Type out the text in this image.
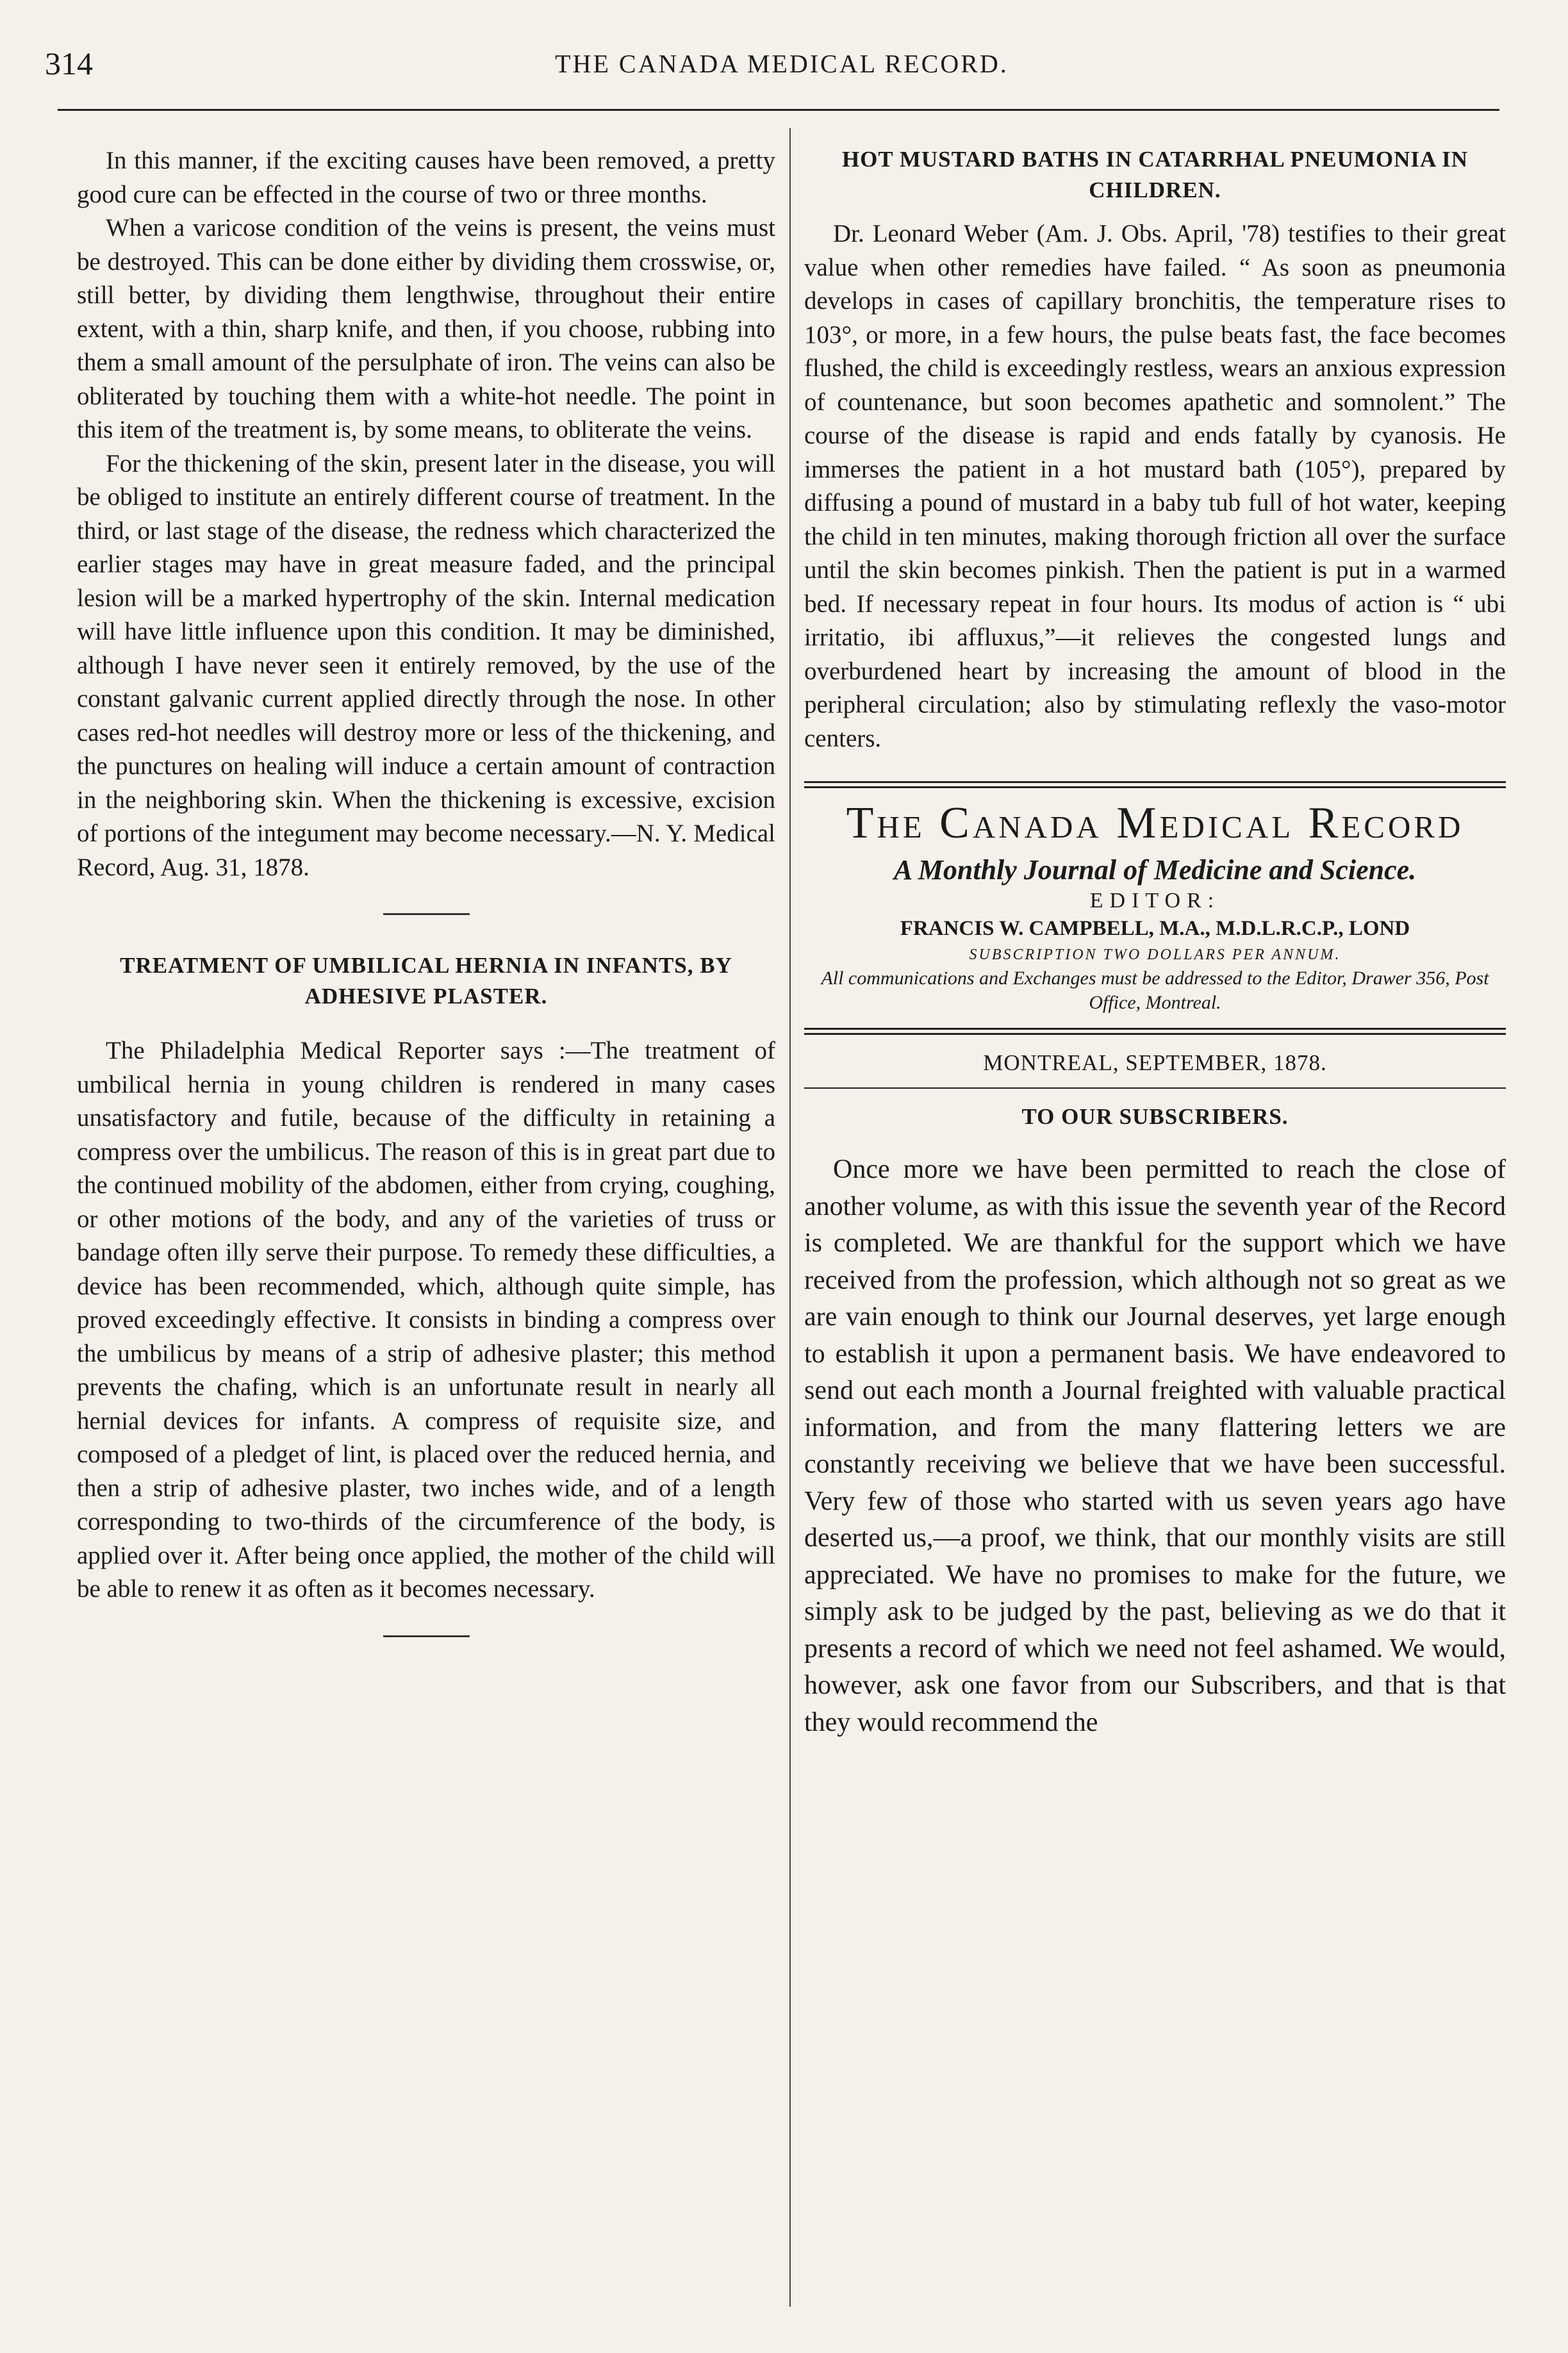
314	THE CANADA MEDICAL RECORD.

In this manner, if the exciting causes have been removed, a pretty good cure can be effected in the course of two or three months.

When a varicose condition of the veins is present, the veins must be destroyed. This can be done either by dividing them crosswise, or, still better, by dividing them lengthwise, throughout their entire extent, with a thin, sharp knife, and then, if you choose, rubbing into them a small amount of the persulphate of iron. The veins can also be obliterated by touching them with a white-hot needle. The point in this item of the treatment is, by some means, to obliterate the veins.

For the thickening of the skin, present later in the disease, you will be obliged to institute an entirely different course of treatment. In the third, or last stage of the disease, the redness which characterized the earlier stages may have in great measure faded, and the principal lesion will be a marked hypertrophy of the skin. Internal medication will have little influence upon this condition. It may be diminished, although I have never seen it entirely removed, by the use of the constant galvanic current applied directly through the nose. In other cases red-hot needles will destroy more or less of the thickening, and the punctures on healing will induce a certain amount of contraction in the neighboring skin. When the thickening is excessive, excision of portions of the integument may become necessary.—N. Y. Medical Record, Aug. 31, 1878.

TREATMENT OF UMBILICAL HERNIA IN INFANTS, BY ADHESIVE PLASTER.

The Philadelphia Medical Reporter says :—The treatment of umbilical hernia in young children is rendered in many cases unsatisfactory and futile, because of the difficulty in retaining a compress over the umbilicus. The reason of this is in great part due to the continued mobility of the abdomen, either from crying, coughing, or other motions of the body, and any of the varieties of truss or bandage often illy serve their purpose. To remedy these difficulties, a device has been recommended, which, although quite simple, has proved exceedingly effective. It consists in binding a compress over the umbilicus by means of a strip of adhesive plaster; this method prevents the chafing, which is an unfortunate result in nearly all hernial devices for infants. A compress of requisite size, and composed of a pledget of lint, is placed over the reduced hernia, and then a strip of adhesive plaster, two inches wide, and of a length corresponding to two-thirds of the circumference of the body, is applied over it. After being once applied, the mother of the child will be able to renew it as often as it becomes necessary.

HOT MUSTARD BATHS IN CATARRHAL PNEUMONIA IN CHILDREN.

Dr. Leonard Weber (Am. J. Obs. April, '78) testifies to their great value when other remedies have failed. “ As soon as pneumonia develops in cases of capillary bronchitis, the temperature rises to 103°, or more, in a few hours, the pulse beats fast, the face becomes flushed, the child is exceedingly restless, wears an anxious expression of countenance, but soon becomes apathetic and somnolent.” The course of the disease is rapid and ends fatally by cyanosis. He immerses the patient in a hot mustard bath (105°), prepared by diffusing a pound of mustard in a baby tub full of hot water, keeping the child in ten minutes, making thorough friction all over the surface until the skin becomes pinkish. Then the patient is put in a warmed bed. If necessary repeat in four hours. Its modus of action is “ ubi irritatio, ibi affluxus,”—it relieves the congested lungs and overburdened heart by increasing the amount of blood in the peripheral circulation; also by stimulating reflexly the vaso-motor centers.

The Canada Medical Record
A Monthly Journal of Medicine and Science.
EDITOR:
FRANCIS W. CAMPBELL, M.A., M.D.L.R.C.P., LOND
SUBSCRIPTION TWO DOLLARS PER ANNUM.
All communications and Exchanges must be addressed to the Editor, Drawer 356, Post Office, Montreal.
MONTREAL, SEPTEMBER, 1878.
TO OUR SUBSCRIBERS.

Once more we have been permitted to reach the close of another volume, as with this issue the seventh year of the Record is completed. We are thankful for the support which we have received from the profession, which although not so great as we are vain enough to think our Journal deserves, yet large enough to establish it upon a permanent basis. We have endeavored to send out each month a Journal freighted with valuable practical information, and from the many flattering letters we are constantly receiving we believe that we have been successful. Very few of those who started with us seven years ago have deserted us,—a proof, we think, that our monthly visits are still appreciated. We have no promises to make for the future, we simply ask to be judged by the past, believing as we do that it presents a record of which we need not feel ashamed. We would, however, ask one favor from our Subscribers, and that is that they would recommend the
